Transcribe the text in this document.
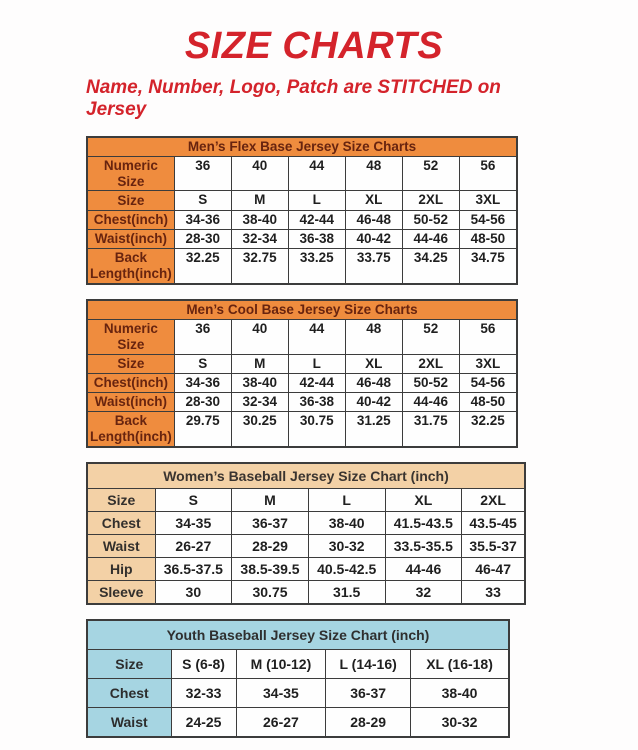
SIZE CHARTS

Name, Number, Logo, Patch are STITCHED on Jersey

Men’s Flex Base Jersey Size Charts						
Numeric Size	36	40	44	48	52	56
Size	S	M	L	XL	2XL	3XL
Chest(inch)	34-36	38-40	42-44	46-48	50-52	54-56
Waist(inch)	28-30	32-34	36-38	40-42	44-46	48-50
Back Length(inch)	32.25	32.75	33.25	33.75	34.25	34.75
Men’s Cool Base Jersey Size Charts						
Numeric Size	36	40	44	48	52	56
Size	S	M	L	XL	2XL	3XL
Chest(inch)	34-36	38-40	42-44	46-48	50-52	54-56
Waist(inch)	28-30	32-34	36-38	40-42	44-46	48-50
Back Length(inch)	29.75	30.25	30.75	31.25	31.75	32.25
Women’s Baseball Jersey Size Chart (inch)					
Size	S	M	L	XL	2XL
Chest	34-35	36-37	38-40	41.5-43.5	43.5-45
Waist	26-27	28-29	30-32	33.5-35.5	35.5-37
Hip	36.5-37.5	38.5-39.5	40.5-42.5	44-46	46-47
Sleeve	30	30.75	31.5	32	33
Youth Baseball Jersey Size Chart (inch)				
Size	S (6-8)	M (10-12)	L (14-16)	XL (16-18)
Chest	32-33	34-35	36-37	38-40
Waist	24-25	26-27	28-29	30-32
